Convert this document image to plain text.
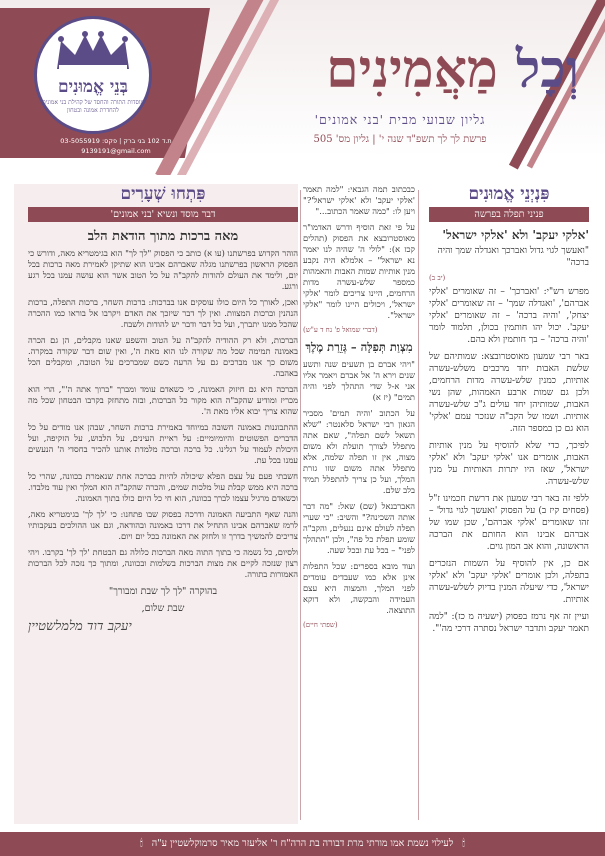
בְּנֵי אֱמוּנִים
מוסדות התורה והחסד של קהילת בני אמונים
להחדרת אמונה ובטחון
ת.ד 102 בני ברק | פקס: 03-5055919
9139191@gmail.com
וְכָל מַאֲמִינִים
גליון שבועי מבית 'בני אמונים'
פרשת לך לך תשפ"ד שנה י' | גליון מס' 505
פִּנְיְנֵי אֱמוּנִים
פניני תפלה בפרשה
'אלקי יעקב' ולא 'אלקי ישראל'
"ואעשך לגוי גדול ואברכך ואגדלה שמך והיה ברכה"
(יב ב)

מפרש רש"י: 'ואברכך' – זה שאומרים 'אלקי אברהם', 'ואגדלה שמך' – זה שאומרים 'אלקי יצחק', 'והיה ברכה' – זה שאומרים 'אלקי יעקב'. יכול יהו חותמין בכולן, תלמוד לומר 'והיה ברכה' – בך חותמין ולא בהם.

באר רבי שמעון מאוסטרובצא: שמותיהם של שלשת האבות יחד מרכבים משלש-עשרה אותיות, כמנין שלש-עשרה מדות הרחמים, ולכן גם שמות ארבע האמהות, שהן נשי האבות, שמותיהן יחד עולים ג"כ שלש-עשרה אותיות. ושמו של הקב"ה שנזכר עמם 'אלקי' הוא גם כן במספר הזה.

לפיכך, כדי שלא להוסיף על מנין אותיות האבות, אומרים אנו 'אלקי יעקב' ולא 'אלקי ישראל', שאז היו יתרות האותיות על מנין שלש-עשרה.

ללפי זה באר רבי שמעון את דרשת חכמינו ז"ל (פסחים קיז ב) על הפסוק 'ואעשך לגוי גדול' – זהו שאומרים 'אלקי אברהם', שכן שמו של אברהם אבינו הוא החותם את הברכה הראשונה, והוא אב המון גוים.

אם כן, אין להוסיף על השמות הנזכרים בתפלה, ולכן אומרים 'אלקי יעקב' ולא 'אלקי ישראל', כדי שיעלה המנין בדיוק לשלש-עשרה אותיות.

ועיין זה אף נרמז בפסוק (ישעיה מ כז): "למה תאמר יעקב ותדבר ישראל נסתרה דרכי מה'".

כבכתוב תמה הגבאי: "למה תאמר 'אלקי יעקב' ולא 'אלקי ישראל'?" ויען לו: "כמה שאמר הכתוב..."

על פי זאת הוסיף ודרש האדמו"ר מאוסטרובצא את הפסוק (תהלים קכז א): "לולי ה' שהיה לנו יאמר נא ישראל" – אלמלא היה נקבע מנין אותיות שמות האבות והאמהות כמספר שלש-עשרה מדות הרחמים, היינו צריכים לומר 'אלקי ישראל', ויכולים היינו לומר "אלקי ישראל".

(דברי שמואל פ' נח ד ע"ש)
מִצְוַת תְּפִלָּה – גְּזֵרַת מֶלֶךְ

"ויהי אברם בן תשעים שנה ותשע שנים וירא ה' אל אברם ויאמר אליו אני א-ל שדי התהלך לפני והיה תמים" (יז א)

על הכתוב 'והיה תמים' מסביר הגאון רבי ישראל סלאנטר: "שלא תשאל לשם תפלה", שאם אתה מתפלל לצורך תועלת ולא משום מצוה, אין זו תפלה שלמה, אלא מתפלל אתה משום שזו גזרת המלך, ועל כן צריך להתפלל תמיד בלב שלם.

האברבנאל (שם) שאל: "מה דבר אותה השכינה?" והשיב: "כי שערי תפלה לעולם אינם ננעלים, והקב"ה שומע תפלת כל פה", ולכן "התהלך לפני" – בכל עת ובכל שעה.

ועוד מובא בספרים: שכל התפלות אינן אלא כמו שעבדים עומדים לפני המלך, והמצוה היא עצם העמידה והבקשה, ולא דוקא התוצאה.

(שפתי חיים)
פִּתְחוּ שְׁעָרִים
דבר מוסד ונשיא 'בני אמונים'
מאה ברכות מתוך הודאת הלב

הוהר הקדוש בפרשתנו (עו א) כותב כי הפסוק "לך לך" הוא בגימטריא מאה, ודורש כי הפסוק הראשון בפרשתנו מגלה שאברהם אבינו הוא שתיקן לאמירת מאה ברכות בכל יום, ולימד את העולם להודות להקב"ה על כל הטוב אשר הוא עושה עמנו בכל רגע ורגע.

ואכן, לאורך כל היום כולו עוסקים אנו בברכות: ברכות השחר, ברכות התפלה, ברכות הנהנין וברכות המצוות. ואין לך דבר שיזכך את האדם ויקרבו אל בוראו כמו ההכרה שהכל ממנו יתברך, ועל כל דבר ודבר יש להודות ולשבח.

הברכות, ולא רק ההודיה להקב"ה על הטוב והשפע שאנו מקבלים, הן גם הכרה באמונה תמימה שכל מה שקורה לנו הוא מאת ה', ואין שום דבר שקורה במקרה. משום כך אנו מברכים גם על הרעה כשם שמברכים על הטובה, ומקבלים הכל באהבה.

הברכה היא גם חיזוק האמונה, כי כשאדם עומד ומברך "ברוך אתה ה'", הרי הוא מכריז ומודיע שהקב"ה הוא מקור כל הברכות, ובזה מתחזק בקרבו הבטחון שכל מה שהוא צריך יבוא אליו מאת ה'.

ההתבוננות באמונה חשובה במיוחד באמירת ברכות השחר, שבהן אנו מודים על כל הדברים הפשוטים והיומיומיים: על ראיית העינים, על הלבוש, על הזקיפה, ועל היכולת לעמוד על רגלינו. כל ברכה וברכה מלמדת אותנו להכיר בחסדי ה' הנעשים עמנו בכל עת.

חשבתי פעם על עצם הפלא שיכולה להיות בברכה אחת שנאמרת בכוונה, שהרי כל ברכה היא ממש קבלת עול מלכות שמים, והכרה שהקב"ה הוא המלך ואין עוד מלבדו. וכשאדם מרגיל עצמו לברך בכוונה, הוא חי כל היום כולו בתוך האמונה.

והנה שאף התביעה האמונה ודרכה בפסוק שבו פתחנו: כי 'לך לך' בגימטריא מאה, לרמז שאברהם אבינו התחיל את דרכו באמונה ובהודאה, וגם אנו ההולכים בעקבותיו צריכים להמשיך בדרך זו ולחזק את האמונה בכל יום ויום.

ולסיום, כל נשמה כי בתוך התוה מאה הברכות כלולה גם הבטחת 'לך לך' בקרבו. ויהי רצון שנזכה לקיים את מצות הברכות בשלמות ובכוונה, ומתוך כך נזכה לכל הברכות האמורות בתורה.

בהוקרה "לך לך שבת ומבורך"
שבת שלום,
יעקב דוד מלמלשטיין
🕯 לעילוי נשמת אמו מורתי מרת דבורה בת הרה"ח ר' אליעזר מאיר סרמוקלשטיין ע"ה 🕯
